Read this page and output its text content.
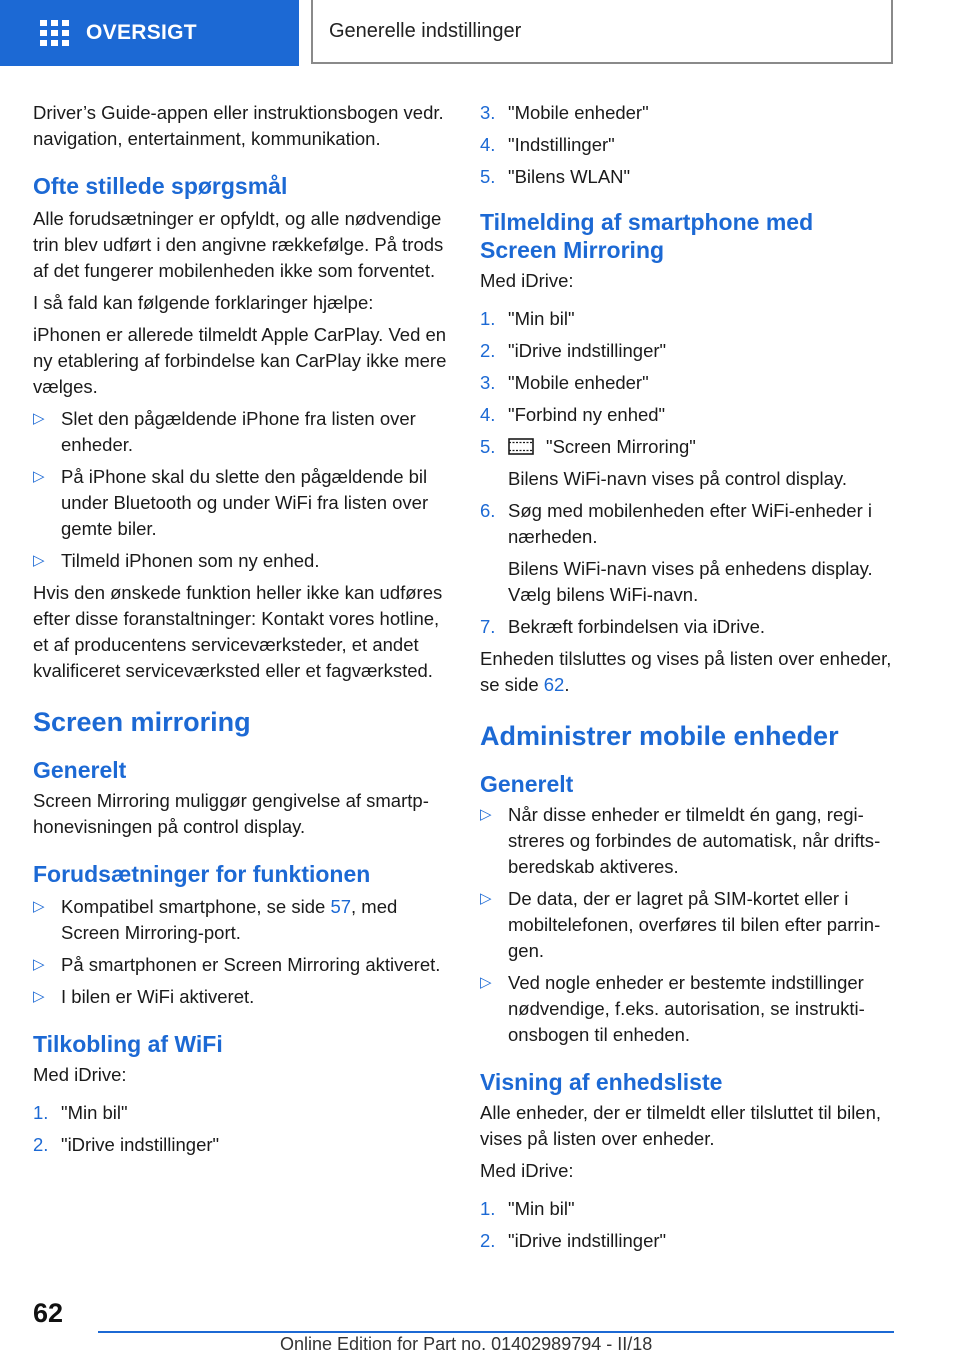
OVERSIGT	Generelle indstillinger

Driver’s Guide-appen eller instruktionsbogen vedr. navigation, entertainment, kommunikation.

Ofte stillede spørgsmål

Alle forudsætninger er opfyldt, og alle nødvendige trin blev udført i den angivne rækkefølge. På trods af det fungerer mobilenheden ikke som forventet.

I så fald kan følgende forklaringer hjælpe:

iPhonen er allerede tilmeldt Apple CarPlay. Ved en ny etablering af forbindelse kan CarPlay ikke mere vælges.

▷ Slet den pågældende iPhone fra listen over enheder.
▷ På iPhone skal du slette den pågældende bil under Bluetooth og under WiFi fra listen over gemte biler.
▷ Tilmeld iPhonen som ny enhed.

Hvis den ønskede funktion heller ikke kan udføres efter disse foranstaltninger: Kontakt vores hotline, et af producentens serviceværksteder, et andet kvalificeret serviceværksted eller et fagværksted.

Screen mirroring
Generelt

Screen Mirroring muliggør gengivelse af smartphonevisningen på control display.

Forudsætninger for funktionen
▷ Kompatibel smartphone, se side 57, med Screen Mirroring-port.
▷ På smartphonen er Screen Mirroring aktiveret.
▷ I bilen er WiFi aktiveret.
Tilkobling af WiFi

Med iDrive:

1. "Min bil"
2. "iDrive indstillinger"
3. "Mobile enheder"
4. "Indstillinger"
5. "Bilens WLAN"
Tilmelding af smartphone med Screen Mirroring

Med iDrive:

1. "Min bil"
2. "iDrive indstillinger"
3. "Mobile enheder"
4. "Forbind ny enhed"
5.	"Screen Mirroring"
Bilens WiFi-navn vises på control display.
6. Søg med mobilenheden efter WiFi-enheder i nærheden.
Bilens WiFi-navn vises på enhedens display. Vælg bilens WiFi-navn.
7. Bekræft forbindelsen via iDrive.

Enheden tilsluttes og vises på listen over enheder, se side 62.

Administrer mobile enheder
Generelt
▷ Når disse enheder er tilmeldt én gang, registreres og forbindes de automatisk, når driftsberedskab aktiveres.
▷ De data, der er lagret på SIM-kortet eller i mobiltelefonen, overføres til bilen efter parringen.
▷ Ved nogle enheder er bestemte indstillinger nødvendige, f.eks. autorisation, se instruktionsbogen til enheden.
Visning af enhedsliste

Alle enheder, der er tilmeldt eller tilsluttet til bilen, vises på listen over enheder.

Med iDrive:

1. "Min bil"
2. "iDrive indstillinger"
62
Online Edition for Part no. 01402989794 - II/18
